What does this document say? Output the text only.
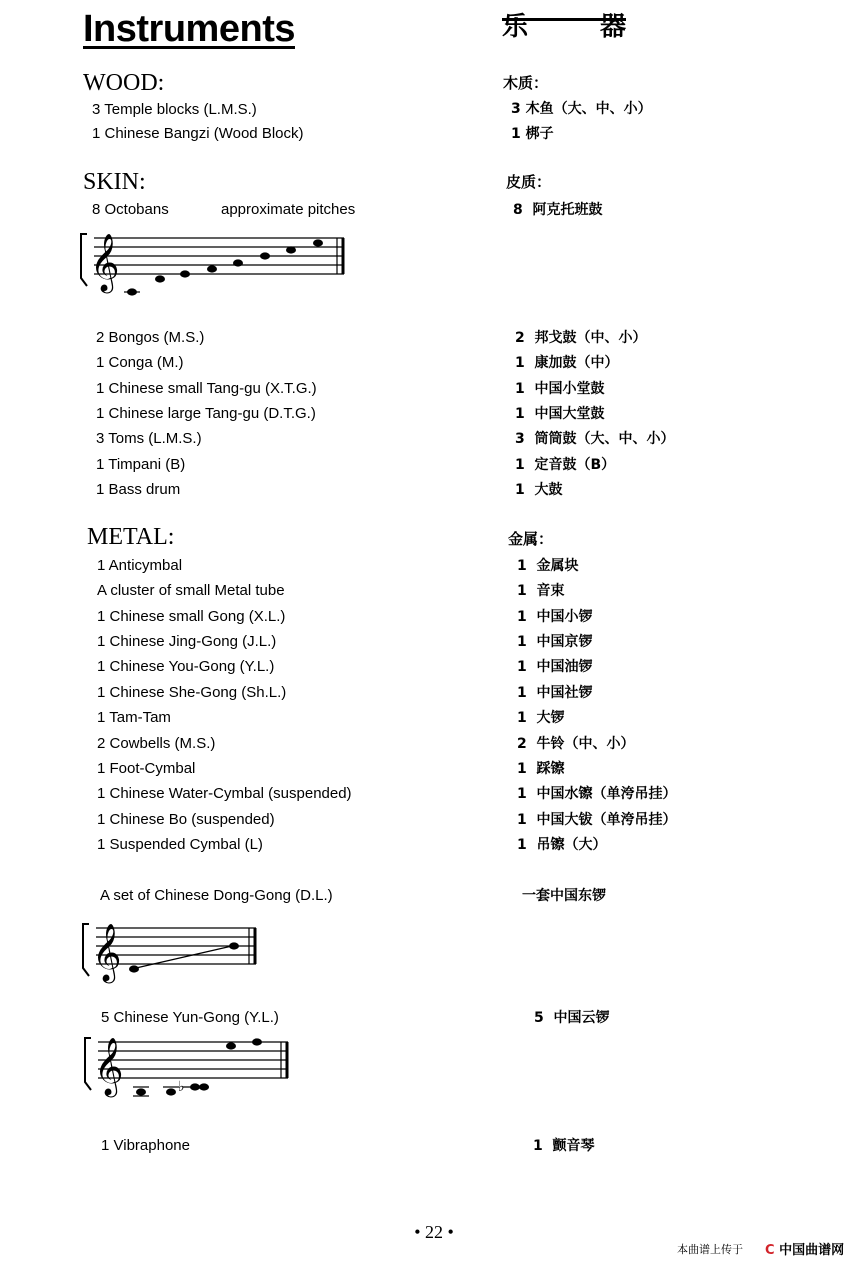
Instruments	乐	器
WOOD:	木质：
3 Temple blocks (L.M.S.)	3 木鱼（大、中、小）
1 Chinese Bangzi (Wood Block)	1 梆子
SKIN:	皮质：
8 Octobans	approximate pitches	8  阿克托班鼓
𝄞
2 Bongos (M.S.)	2  邦戈鼓（中、小）
1 Conga (M.)	1  康加鼓（中）
1 Chinese small Tang-gu (X.T.G.)	1  中国小堂鼓
1 Chinese large Tang-gu (D.T.G.)	1  中国大堂鼓
3 Toms (L.M.S.)	3  筒筒鼓（大、中、小）
1 Timpani (B)	1  定音鼓（B）
1 Bass drum	1  大鼓
METAL:	金属：
1 Anticymbal	1  金属块
A cluster of small Metal tube	1  音束
1 Chinese small Gong (X.L.)	1  中国小锣
1 Chinese Jing-Gong (J.L.)	1  中国京锣
1 Chinese You-Gong (Y.L.)	1  中国油锣
1 Chinese She-Gong (Sh.L.)	1  中国社锣
1 Tam-Tam	1  大锣
2 Cowbells (M.S.)	2  牛铃（中、小）
1 Foot-Cymbal	1  踩镲
1 Chinese Water-Cymbal (suspended)	1  中国水镲（单洿吊挂）
1 Chinese Bo (suspended)	1  中国大钹（单洿吊挂）
1 Suspended Cymbal (L)	1  吊镲（大）
A set of Chinese Dong-Gong (D.L.)	一套中国东锣
𝄞
5 Chinese Yun-Gong (Y.L.)	5  中国云锣
𝄞	♭
1 Vibraphone	1  颤音琴
• 22 •
本曲谱上传于 C 中国曲谱网
